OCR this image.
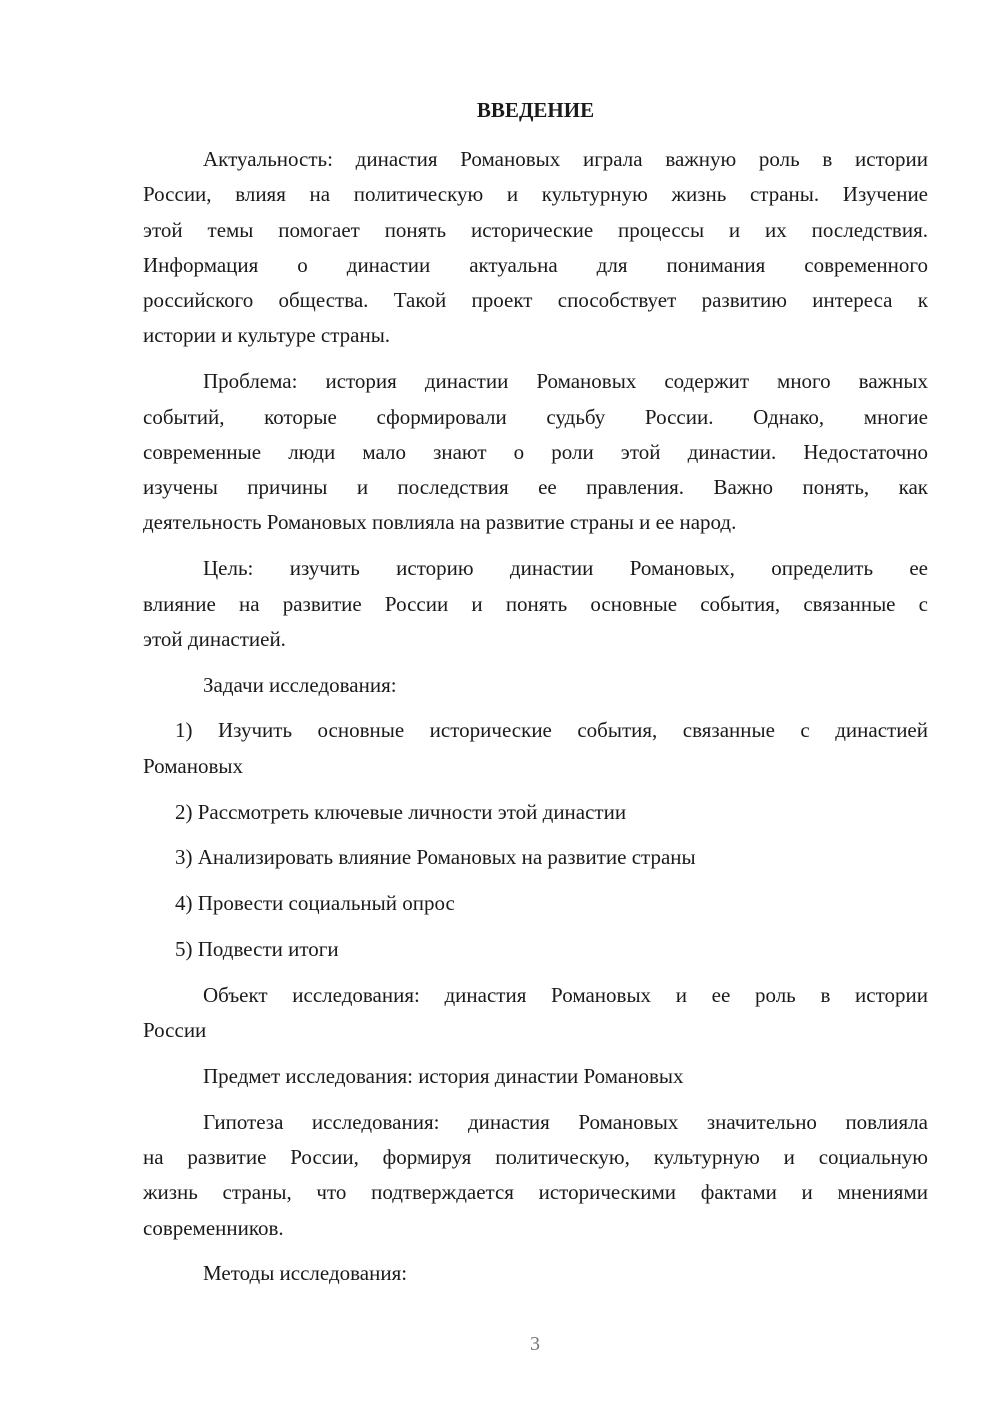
ВВЕДЕНИЕ
Актуальность: династия Романовых играла важную роль в истории
России, влияя на политическую и культурную жизнь страны. Изучение
этой темы помогает понять исторические процессы и их последствия.
Информация о династии актуальна для понимания современного
российского общества. Такой проект способствует развитию интереса к
истории и культуре страны.
Проблема: история династии Романовых содержит много важных
событий, которые сформировали судьбу России. Однако, многие
современные люди мало знают о роли этой династии. Недостаточно
изучены причины и последствия ее правления. Важно понять, как
деятельность Романовых повлияла на развитие страны и ее народ.
Цель: изучить историю династии Романовых, определить ее
влияние на развитие России и понять основные события, связанные с
этой династией.
Задачи исследования:
1) Изучить основные исторические события, связанные с династией
Романовых
2) Рассмотреть ключевые личности этой династии
3) Анализировать влияние Романовых на развитие страны
4) Провести социальный опрос
5) Подвести итоги
Объект исследования: династия Романовых и ее роль в истории
России
Предмет исследования: история династии Романовых
Гипотеза исследования: династия Романовых значительно повлияла
на развитие России, формируя политическую, культурную и социальную
жизнь страны, что подтверждается историческими фактами и мнениями
современников.
Методы исследования:
3
